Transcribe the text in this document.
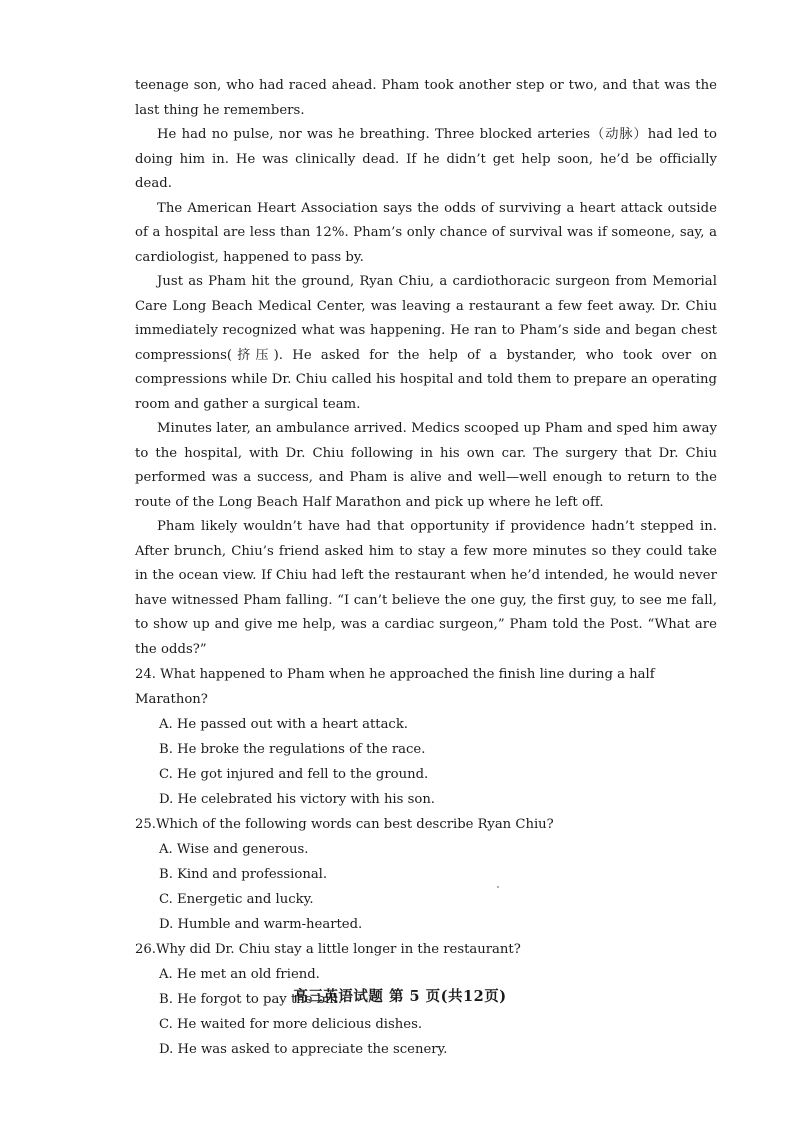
teenage son, who had raced ahead. Pham took another step or two, and that was the last thing he remembers.

He had no pulse, nor was he breathing. Three blocked arteries（动脉）had led to doing him in. He was clinically dead. If he didn’t get help soon, he’d be officially dead.

The American Heart Association says the odds of surviving a heart attack outside of a hospital are less than 12%. Pham’s only chance of survival was if someone, say, a cardiologist, happened to pass by.

Just as Pham hit the ground, Ryan Chiu, a cardiothoracic surgeon from Memorial Care Long Beach Medical Center, was leaving a restaurant a few feet away. Dr. Chiu immediately recognized what was happening. He ran to Pham’s side and began chest compressions(挤压). He asked for the help of a bystander, who took over on compressions while Dr. Chiu called his hospital and told them to prepare an operating room and gather a surgical team.

Minutes later, an ambulance arrived. Medics scooped up Pham and sped him away to the hospital, with Dr. Chiu following in his own car. The surgery that Dr. Chiu performed was a success, and Pham is alive and well—well enough to return to the route of the Long Beach Half Marathon and pick up where he left off.

Pham likely wouldn’t have had that opportunity if providence hadn’t stepped in. After brunch, Chiu’s friend asked him to stay a few more minutes so they could take in the ocean view. If Chiu had left the restaurant when he’d intended, he would never have witnessed Pham falling. “I can’t believe the one guy, the first guy, to see me fall, to show up and give me help, was a cardiac surgeon,” Pham told the Post. “What are the odds?”

24. What happened to Pham when he approached the finish line during a half Marathon?
A. He passed out with a heart attack.
B. He broke the regulations of the race.
C. He got injured and fell to the ground.
D. He celebrated his victory with his son.
25.Which of the following words can best describe Ryan Chiu?
A. Wise and generous.
B. Kind and professional.
C. Energetic and lucky.
D. Humble and warm-hearted.
26.Why did Dr. Chiu stay a little longer in the restaurant?
A. He met an old friend.
B. He forgot to pay the bill.
C. He waited for more delicious dishes.
D. He was asked to appreciate the scenery.
高三英语试题 第 5 页(共12页)
